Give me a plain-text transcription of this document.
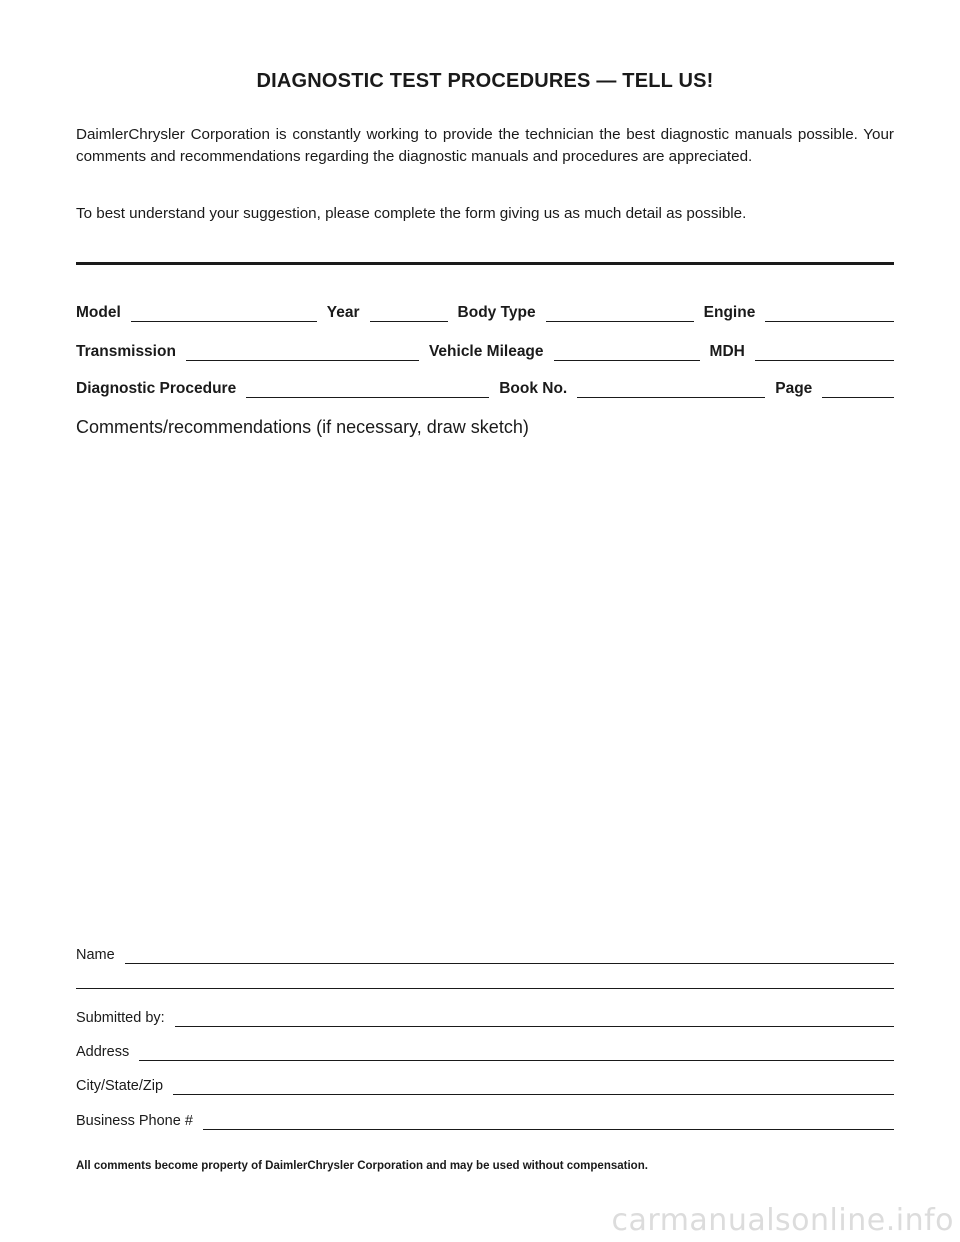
DIAGNOSTIC TEST PROCEDURES — TELL US!
DaimlerChrysler Corporation is constantly working to provide the technician the best diagnostic manuals possible. Your comments and recommendations regarding the diagnostic manuals and procedures are appreciated.
To best understand your suggestion, please complete the form giving us as much detail as possible.
Model	Year	Body Type	Engine
Transmission	Vehicle Mileage	MDH
Diagnostic Procedure	Book No.	Page
Comments/recommendations (if necessary, draw sketch)
Name
Submitted by:
Address
City/State/Zip
Business Phone #
All comments become property of DaimlerChrysler Corporation and may be used without compensation.
carmanualsonline.info
